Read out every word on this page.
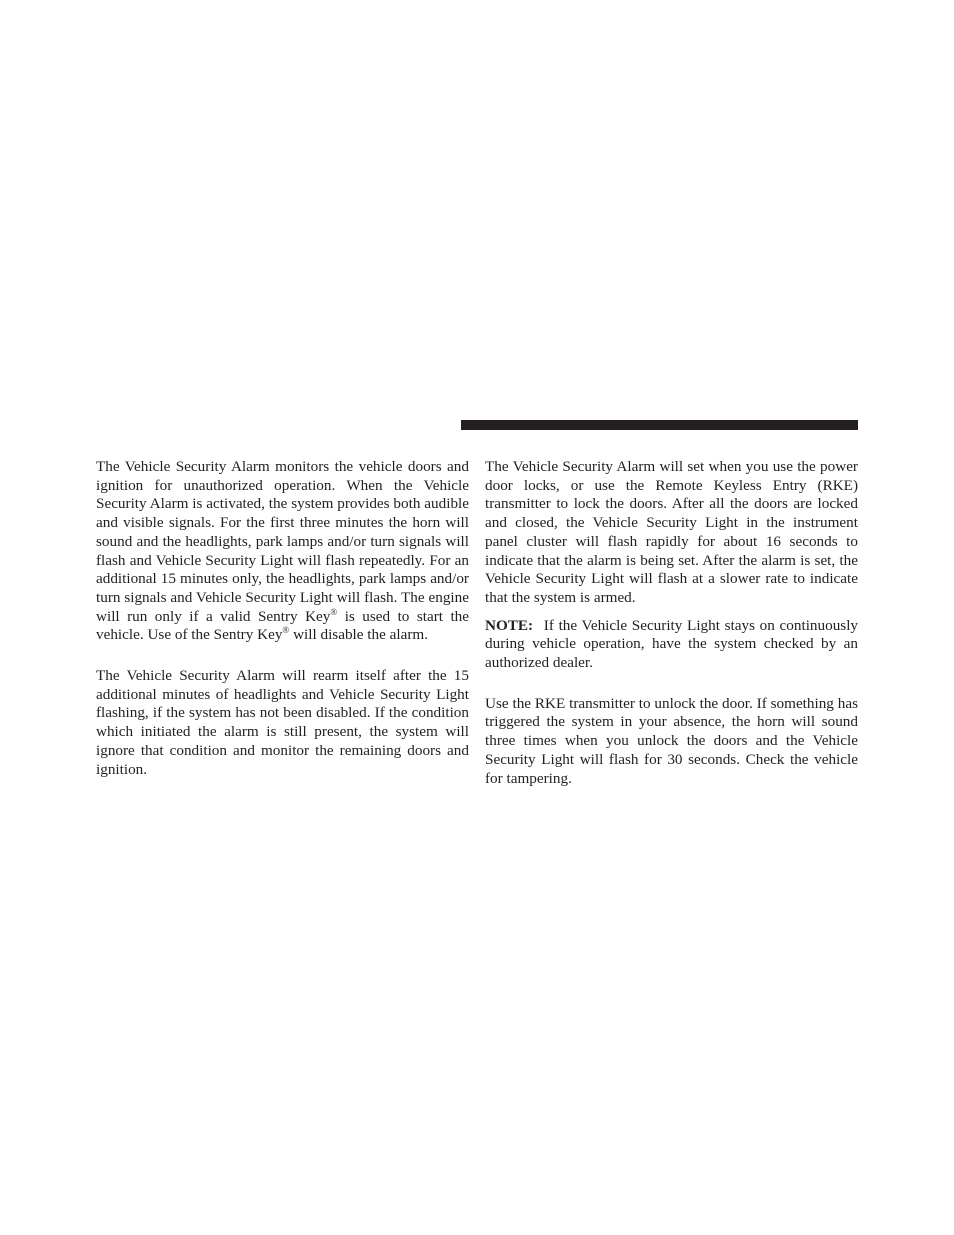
The Vehicle Security Alarm monitors the vehicle doors and ignition for unauthorized operation. When the Vehicle Security Alarm is activated, the system provides both audible and visible signals. For the first three minutes the horn will sound and the headlights, park lamps and/or turn signals will flash and Vehicle Security Light will flash repeatedly. For an additional 15 minutes only, the headlights, park lamps and/or turn signals and Vehicle Security Light will flash. The engine will run only if a valid Sentry Key® is used to start the vehicle. Use of the Sentry Key® will disable the alarm.

The Vehicle Security Alarm will rearm itself after the 15 additional minutes of headlights and Vehicle Security Light flashing, if the system has not been disabled. If the condition which initiated the alarm is still present, the system will ignore that condition and monitor the remaining doors and ignition.

The Vehicle Security Alarm will set when you use the power door locks, or use the Remote Keyless Entry (RKE) transmitter to lock the doors. After all the doors are locked and closed, the Vehicle Security Light in the instrument panel cluster will flash rapidly for about 16 seconds to indicate that the alarm is being set. After the alarm is set, the Vehicle Security Light will flash at a slower rate to indicate that the system is armed.

NOTE: If the Vehicle Security Light stays on continuously during vehicle operation, have the system checked by an authorized dealer.

Use the RKE transmitter to unlock the door. If something has triggered the system in your absence, the horn will sound three times when you unlock the doors and the Vehicle Security Light will flash for 30 seconds. Check the vehicle for tampering.
